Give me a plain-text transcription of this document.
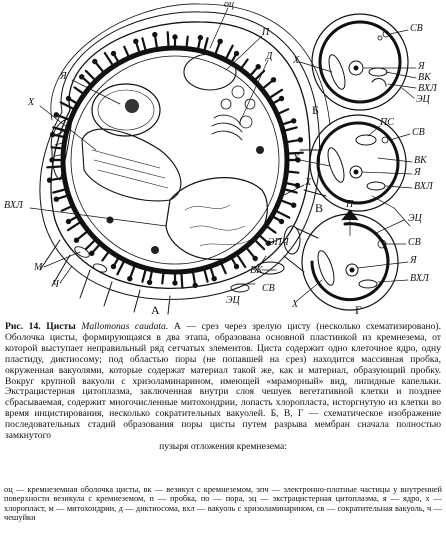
оц
П
Д
Я
Х
Х
ВХЛ
М
Ч
ЭПЧ
ВК
СВ
ЭЦ
А
СВ
Х
Я
ВК
ВХЛ
ЭЦ
Б
ПС
СВ
Х	ВК
Я
ВХЛ
В П
ЭЦ
СВ
Я
ВХЛ
Х	Г

Рис. 14. Цисты Mallomonas caudata. А — срез через зрелую цисту (несколько схематизировано). Оболочка цисты, формирующаяся в два этапа, образована основной пластинкой из кремнезема, от которой выступает неправильный ряд сетчатых элементов. Циста содержит одно клеточное ядро, одну пластиду, диктиосому; под областью поры (не попавшей на срез) находится массивная пробка, окруженная вакуолями, которые содержат материал такой же, как и материал, образующий пробку. Вокруг крупной вакуоли с хризоламинарином, имеющей «мраморный» вид, липидные капельки. Экстрацистерная цитоплазма, заключенная внутри слоя чешуек вегетативной клетки и позднее сбрасываемая, содержит многочисленные митохондрии, лопасть хлоропласта, исторгнутую из клетки во время инцистирования, несколько сократительных вакуолей. Б, В, Г — схематическое изображение последовательных стадий образования поры цисты путем разрыва мембран сначала полностью замкнутого

пузыря отложения кремнезема:

оц — кремнеземная оболочка цисты, вк — везикул с кремнеземом, эпч — электронно-плотные частицы у внутренней поверхности везикула с кремнеземом, п — пробка, по — пора, эц — экстрацистерная цитоплазма, я — ядро, х — хлоропласт, м — митохондрии, д — диктиосома, вхл — вакуоль с хризоламинарином, св — сократительная вакуоль, ч — чешуйки
